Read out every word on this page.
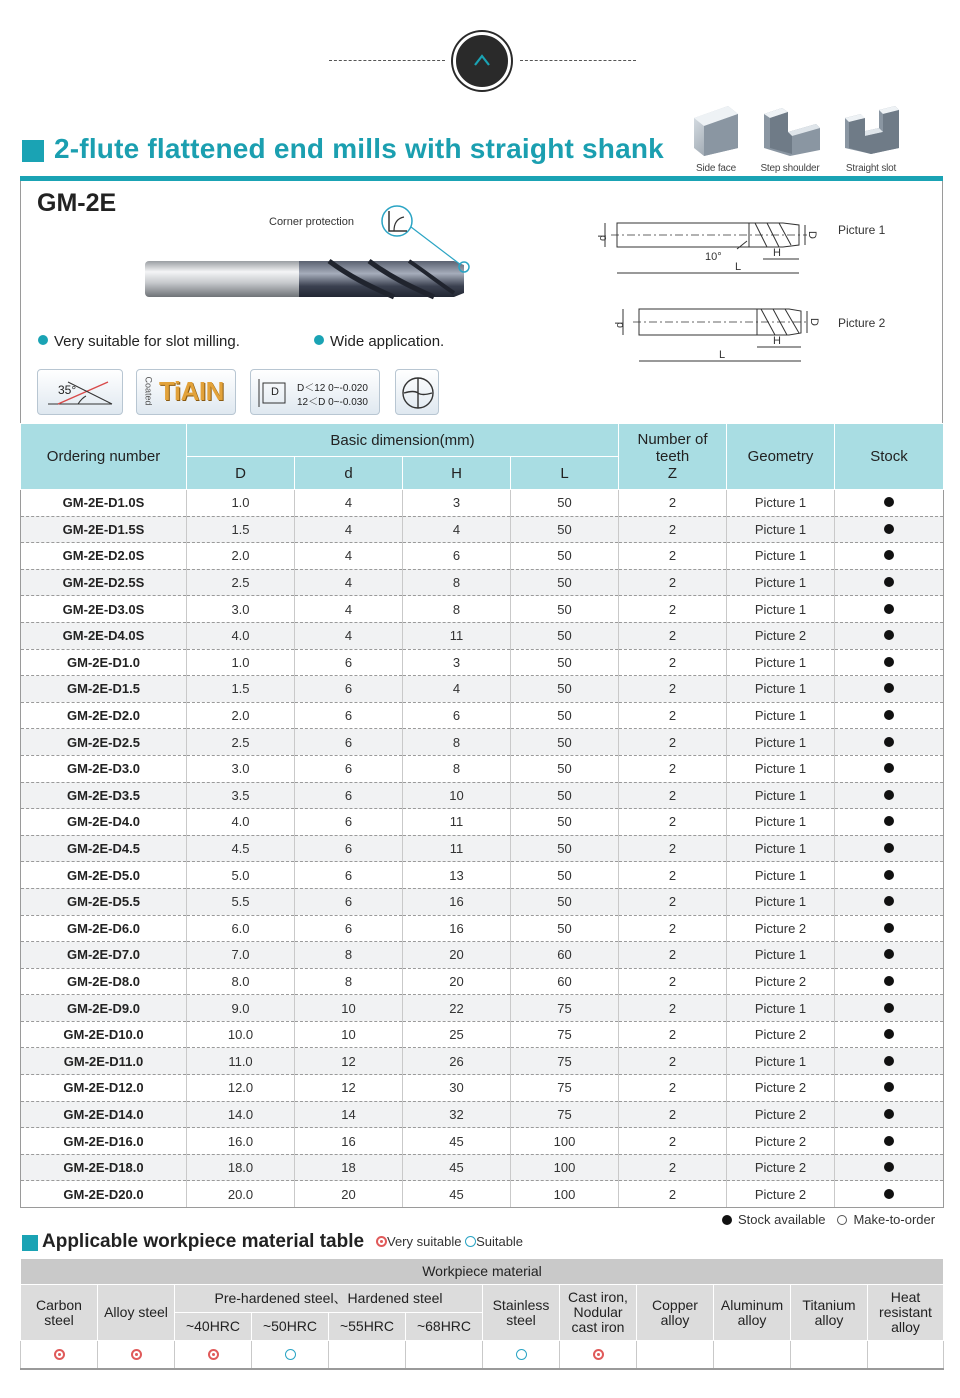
2-flute flattened end mills with straight shank
Side face	Step shoulder	Straight slot
GM-2E
Corner protection
Very suitable for slot milling.	Wide application.
D
d
H
L
10°
D
d
H
L
Picture 1
Picture 2
35°	Coated TiAIN	D D＜12 0~-0.020
12＜D 0~-0.030
Ordering number	Basic dimension(mm)				Number of
teeth
Z	Geometry	Stock
	D	d	H	L			
GM-2E-D1.0S	1.0	4	3	50	2	Picture 1	
GM-2E-D1.5S	1.5	4	4	50	2	Picture 1	
GM-2E-D2.0S	2.0	4	6	50	2	Picture 1	
GM-2E-D2.5S	2.5	4	8	50	2	Picture 1	
GM-2E-D3.0S	3.0	4	8	50	2	Picture 1	
GM-2E-D4.0S	4.0	4	11	50	2	Picture 2	
GM-2E-D1.0	1.0	6	3	50	2	Picture 1	
GM-2E-D1.5	1.5	6	4	50	2	Picture 1	
GM-2E-D2.0	2.0	6	6	50	2	Picture 1	
GM-2E-D2.5	2.5	6	8	50	2	Picture 1	
GM-2E-D3.0	3.0	6	8	50	2	Picture 1	
GM-2E-D3.5	3.5	6	10	50	2	Picture 1	
GM-2E-D4.0	4.0	6	11	50	2	Picture 1	
GM-2E-D4.5	4.5	6	11	50	2	Picture 1	
GM-2E-D5.0	5.0	6	13	50	2	Picture 1	
GM-2E-D5.5	5.5	6	16	50	2	Picture 1	
GM-2E-D6.0	6.0	6	16	50	2	Picture 2	
GM-2E-D7.0	7.0	8	20	60	2	Picture 1	
GM-2E-D8.0	8.0	8	20	60	2	Picture 2	
GM-2E-D9.0	9.0	10	22	75	2	Picture 1	
GM-2E-D10.0	10.0	10	25	75	2	Picture 2	
GM-2E-D11.0	11.0	12	26	75	2	Picture 1	
GM-2E-D12.0	12.0	12	30	75	2	Picture 2	
GM-2E-D14.0	14.0	14	32	75	2	Picture 2	
GM-2E-D16.0	16.0	16	45	100	2	Picture 2	
GM-2E-D18.0	18.0	18	45	100	2	Picture 2	
GM-2E-D20.0	20.0	20	45	100	2	Picture 2	
Stock available Make-to-order
Applicable workpiece material table	Very suitable Suitable
Workpiece material											
Carbon steel	Alloy steel	Pre-hardened steel、Hardened steel				Stainless steel	Cast iron, Nodular cast iron	Copper alloy	Aluminum alloy	Titanium alloy	Heat resistant alloy
		~40HRC	~50HRC	~55HRC	~68HRC						
